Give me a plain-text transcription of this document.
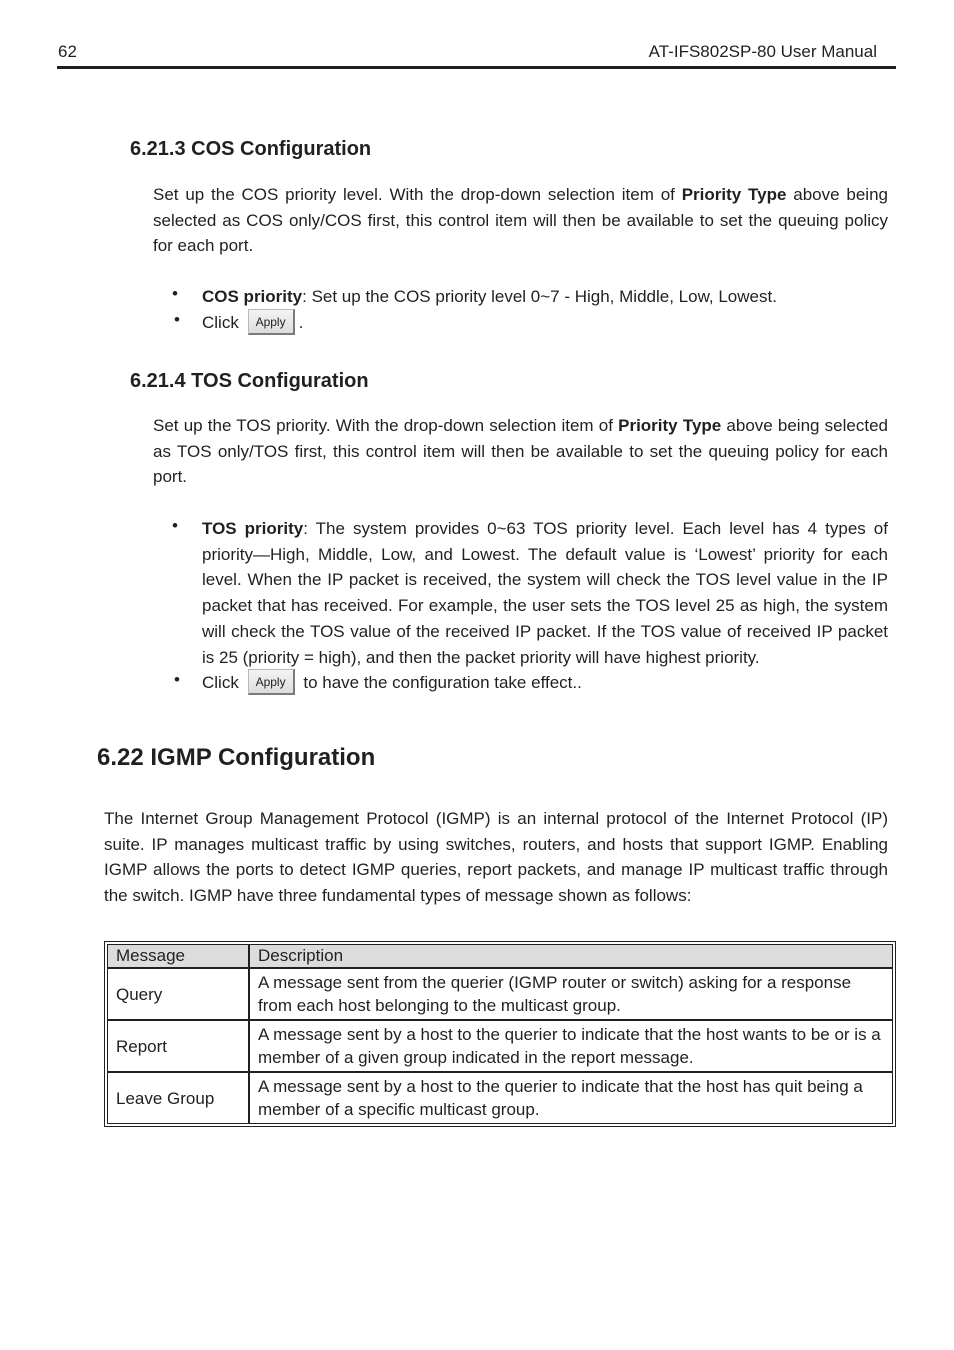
62	AT-IFS802SP-80 User Manual
6.21.3 COS Configuration
Set up the COS priority level. With the drop-down selection item of Priority Type above being selected as COS only/COS first, this control item will then be available to set the queuing policy for each port.
• COS priority: Set up the COS priority level 0~7 - High, Middle, Low, Lowest.
• Click Apply .
6.21.4 TOS Configuration
Set up the TOS priority. With the drop-down selection item of Priority Type above being selected as TOS only/TOS first, this control item will then be available to set the queuing policy for each port.
• TOS priority: The system provides 0~63 TOS priority level. Each level has 4 types of priority—High, Middle, Low, and Lowest. The default value is ‘Lowest’ priority for each level. When the IP packet is received, the system will check the TOS level value in the IP packet that has received. For example, the user sets the TOS level 25 as high, the system will check the TOS value of the received IP packet. If the TOS value of received IP packet is 25 (priority = high), and then the packet priority will have highest priority.
• Click Apply to have the configuration take effect..
6.22 IGMP Configuration
The Internet Group Management Protocol (IGMP) is an internal protocol of the Internet Protocol (IP) suite. IP manages multicast traffic by using switches, routers, and hosts that support IGMP. Enabling IGMP allows the ports to detect IGMP queries, report packets, and manage IP multicast traffic through the switch. IGMP have three fundamental types of message shown as follows:
Message	Description
Query	A message sent from the querier (IGMP router or switch) asking for a response from each host belonging to the multicast group.
Report	A message sent by a host to the querier to indicate that the host wants to be or is a member of a given group indicated in the report message.
Leave Group	A message sent by a host to the querier to indicate that the host has quit being a member of a specific multicast group.
